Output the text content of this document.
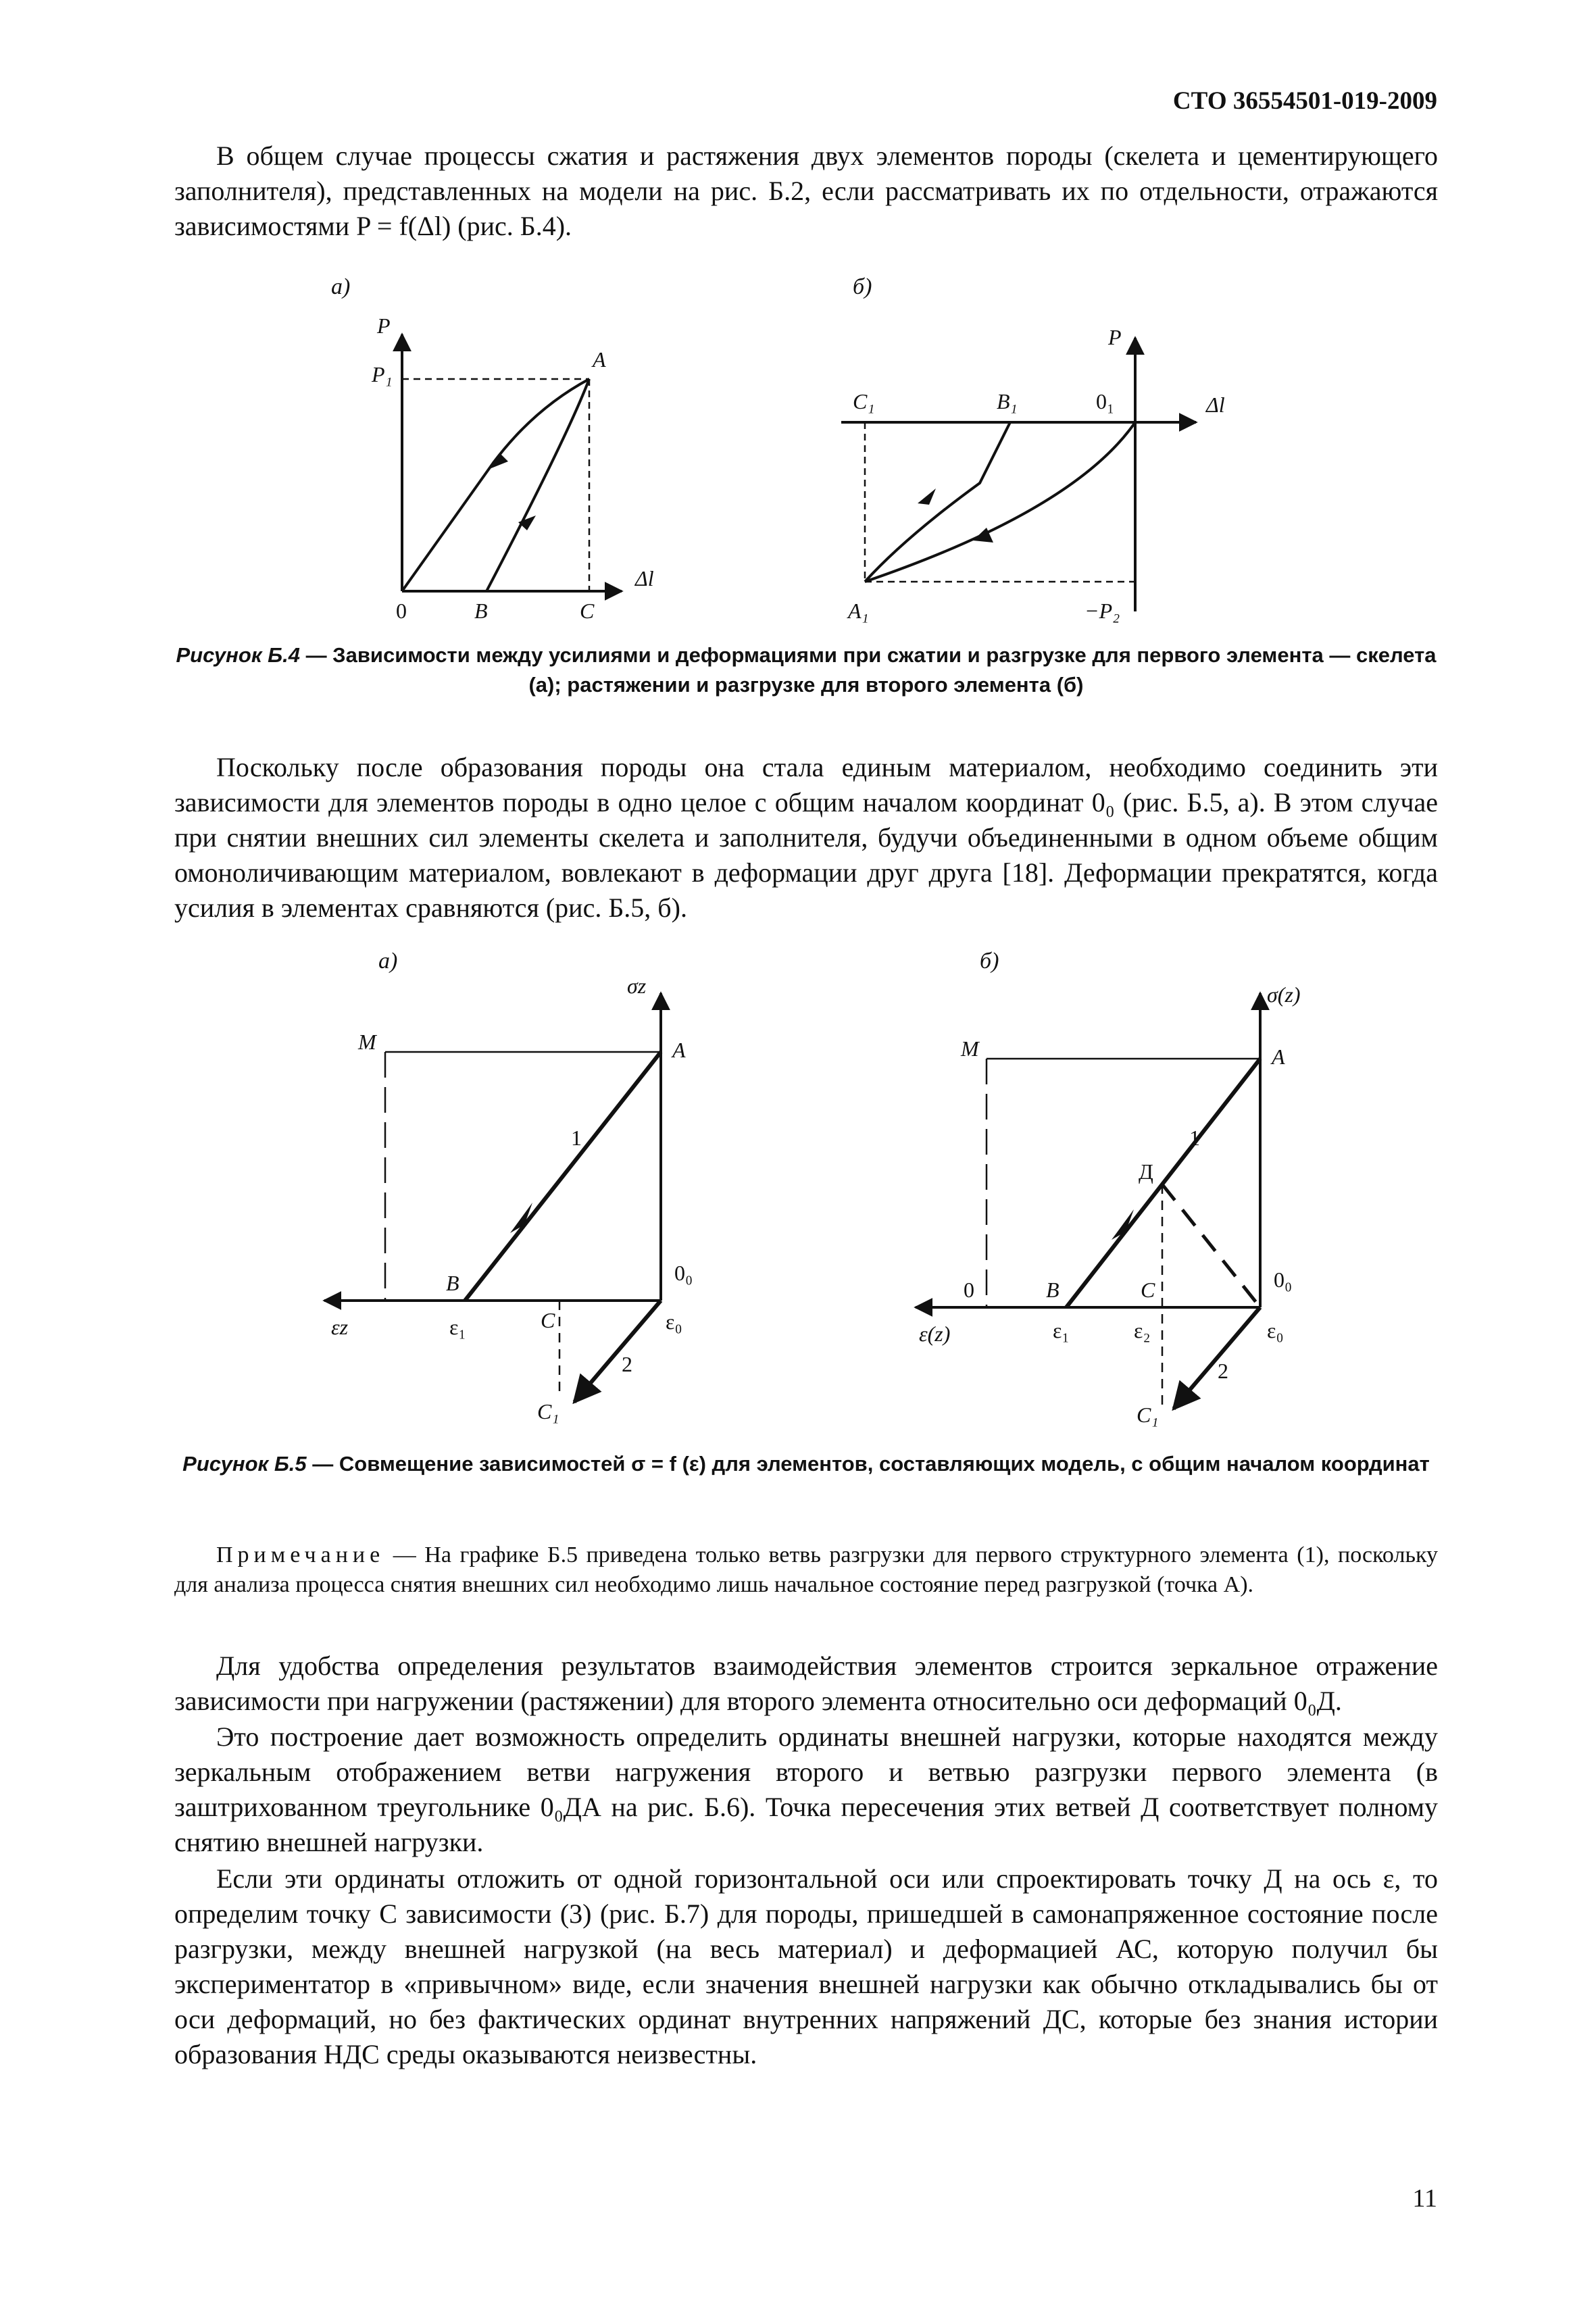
СТО 36554501-019-2009

В общем случае процессы сжатия и растяжения двух элементов породы (скелета и цементирующего заполнителя), представленных на модели на рис. Б.2, если рассматривать их по отдельности, отражаются зависимостями P = f(Δl) (рис. Б.4).

а)
P
P₁
A
Δl
0	B	C
б)
P
Δl
C₁	B₁	0₁
A₁	−P₂

Рисунок Б.4 — Зависимости между усилиями и деформациями при сжатии и разгрузке для первого элемента — скелета (а); растяжении и разгрузке для второго элемента (б)

Поскольку после образования породы она стала единым материалом, необходимо соединить эти зависимости для элементов породы в одно целое с общим началом координат 0₀ (рис. Б.5, а). В этом случае при снятии внешних сил элементы скелета и заполнителя, будучи объединенными в одном объеме общим омоноличивающим материалом, вовлекают в деформации друг друга [18]. Деформации прекратятся, когда усилия в элементах сравняются (рис. Б.5, б).

а)
σz
εz
M	A
1
2
B	0₀
ε₁	C	ε₀
C₁
б)
σ(z)
ε(z)
M	A
1
2
Д
0	B	C	0₀
ε₁	ε₂	ε₀
C₁

Рисунок Б.5 — Совмещение зависимостей σ = f (ε) для элементов, составляющих модель, с общим началом координат

Примечание — На графике Б.5 приведена только ветвь разгрузки для первого структурного элемента (1), поскольку для анализа процесса снятия внешних сил необходимо лишь начальное состояние перед разгрузкой (точка А).

Для удобства определения результатов взаимодействия элементов строится зеркальное отражение зависимости при нагружении (растяжении) для второго элемента относительно оси деформаций 0₀Д.

Это построение дает возможность определить ординаты внешней нагрузки, которые находятся между зеркальным отображением ветви нагружения второго и ветвью разгрузки первого элемента (в заштрихованном треугольнике 0₀ДА на рис. Б.6). Точка пересечения этих ветвей Д соответствует полному снятию внешней нагрузки.

Если эти ординаты отложить от одной горизонтальной оси или спроектировать точку Д на ось ε, то определим точку С зависимости (3) (рис. Б.7) для породы, пришедшей в самонапряженное состояние после разгрузки, между внешней нагрузкой (на весь материал) и деформацией АС, которую получил бы экспериментатор в «привычном» виде, если значения внешней нагрузки как обычно откладывались бы от оси деформаций, но без фактических ординат внутренних напряжений ДС, которые без знания истории образования НДС среды оказываются неизвестны.

11
